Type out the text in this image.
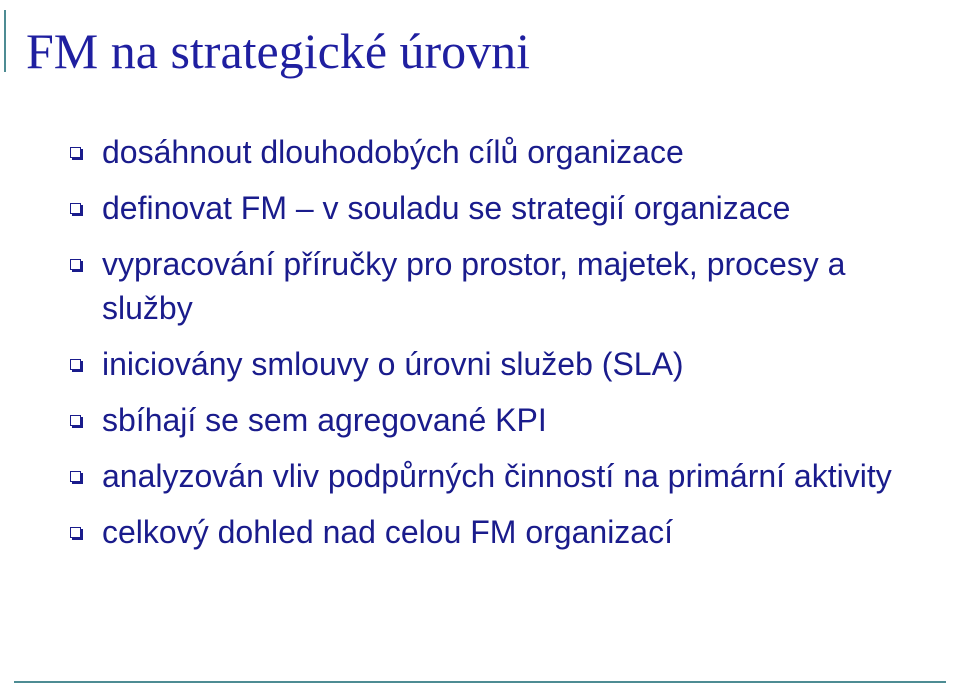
FM na strategické úrovni
dosáhnout dlouhodobých cílů organizace
definovat FM – v souladu se strategií organizace
vypracování příručky pro prostor, majetek, procesy a služby
iniciovány smlouvy o úrovni služeb (SLA)
sbíhají se sem agregované KPI
analyzován vliv podpůrných činností na primární aktivity
celkový dohled nad celou FM organizací
